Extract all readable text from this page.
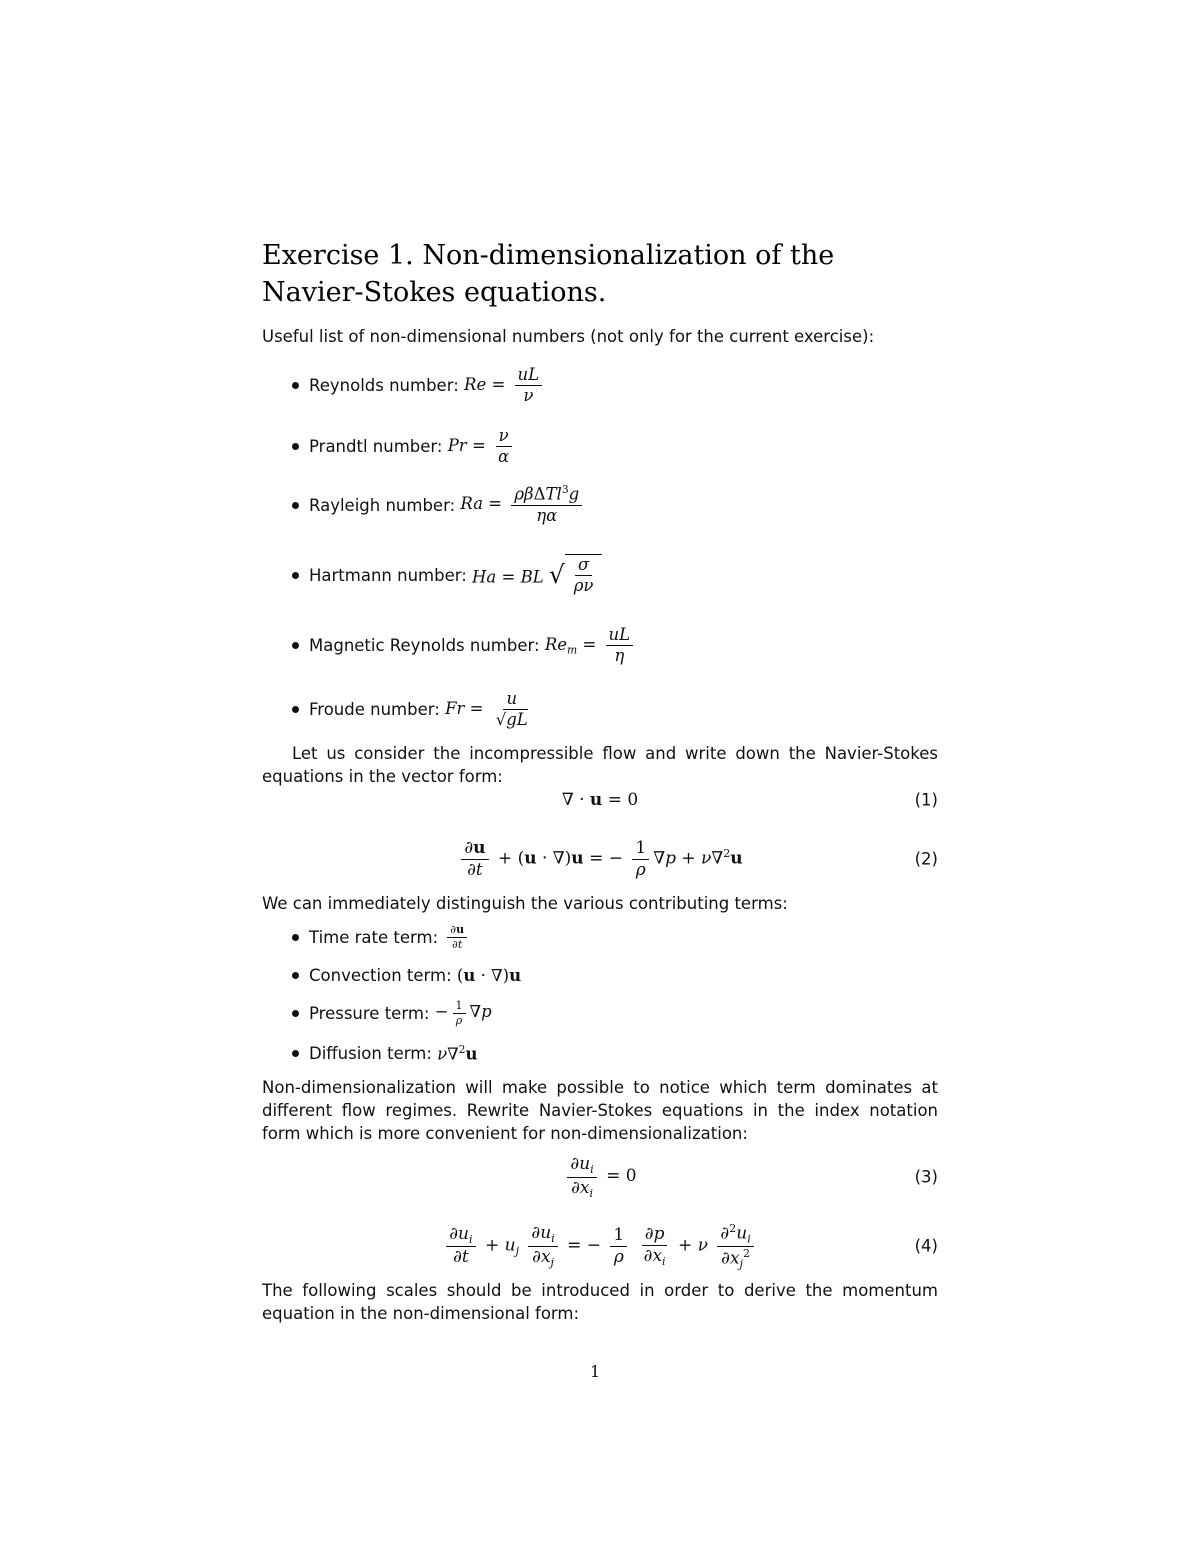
Exercise 1. Non-dimensionalization of the Navier-Stokes equations.
Useful list of non-dimensional numbers (not only for the current exercise):
Reynolds number:
$Re = \frac{uL}{\nu}$
Prandtl number:
$Pr = \frac{\nu}{\alpha}$
Rayleigh number:
$Ra = \frac{\rho\beta\Delta Tl^3g}{\eta\alpha}$
Hartmann number:
Ha = BL √ $\frac{\sigma}{\rho\nu}$
Magnetic Reynolds number:
$Re_m = \frac{uL}{\eta}$
Froude number:
$Fr = \frac{u}{√gL}$
Let us consider the incompressible flow and write down the Navier-Stokes equations in the vector form:
∇ · u = 0	(1)
$\frac{\partial u}{\partial t} + (u \cdot \nabla)u$ = − $\frac{1}{\rho} \nabla p + \nu\nabla^2u$	(2)
We can immediately distinguish the various contributing terms:
Time rate term:
$\frac{\partial u}{\partial t}$
Convection term:
(u · ∇)u
Pressure term:
− $\frac{1}{\rho} \nabla p$
Diffusion term:
ν∇$^2$u
Non-dimensionalization will make possible to notice which term dominates at different flow regimes. Rewrite Navier-Stokes equations in the index notation form which is more convenient for non-dimensionalization:
$\frac{\partial u_i}{\partial x_i} = 0$	(3)
$\frac{\partial u_i}{\partial t} + u_j \frac{\partial u_i}{\partial x_j}$ = − $\frac{1}{\rho}$
$\frac{\partial p}{\partial x_i} + \nu \frac{\partial^2u_i}{\partial x_j^2}$	(4)
The following scales should be introduced in order to derive the momentum equation in the non-dimensional form:
1
